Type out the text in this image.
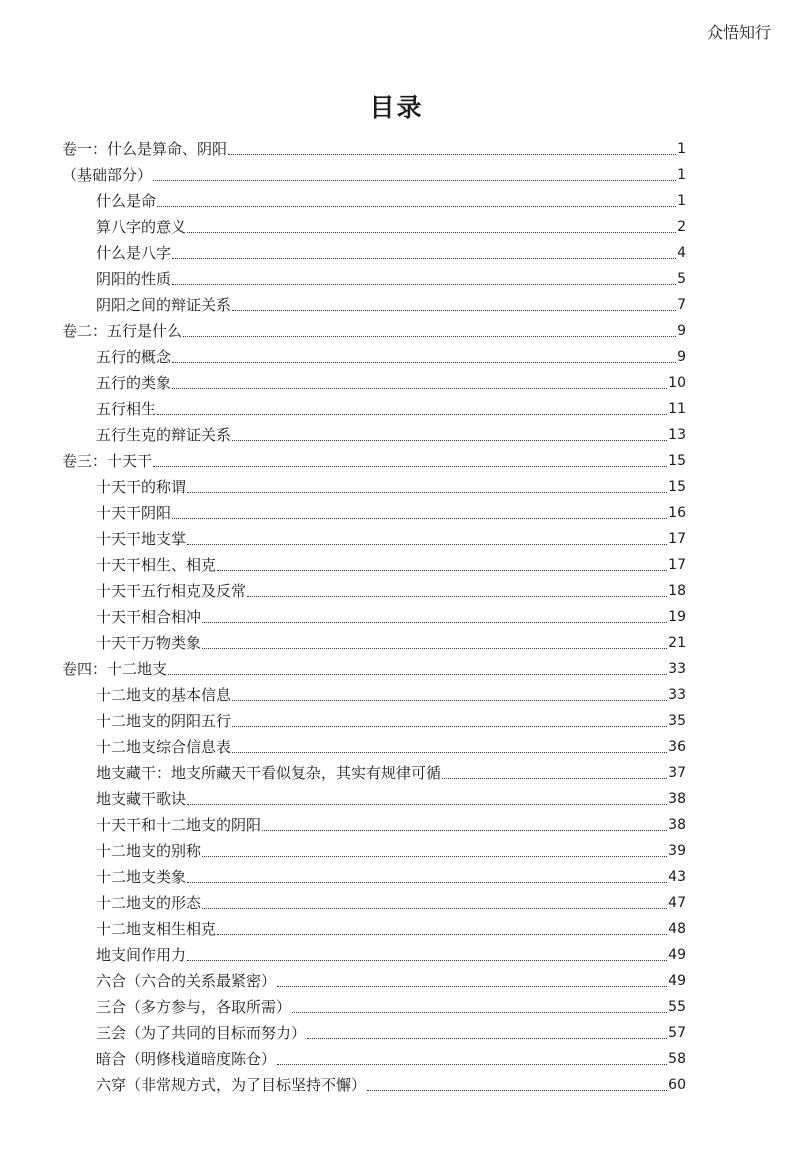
众悟知行
目录
卷一：什么是算命、阴阳	1
（基础部分）	1
什么是命	1
算八字的意义	2
什么是八字	4
阴阳的性质	5
阴阳之间的辩证关系	7
卷二：五行是什么	9
五行的概念	9
五行的类象	10
五行相生	11
五行生克的辩证关系	13
卷三：十天干	15
十天干的称谓	15
十天干阴阳	16
十天干地支掌	17
十天干相生、相克	17
十天干五行相克及反常	18
十天干相合相冲	19
十天干万物类象	21
卷四：十二地支	33
十二地支的基本信息	33
十二地支的阴阳五行	35
十二地支综合信息表	36
地支藏干：地支所藏天干看似复杂，其实有规律可循	37
地支藏干歌诀	38
十天干和十二地支的阴阳	38
十二地支的别称	39
十二地支类象	43
十二地支的形态	47
十二地支相生相克	48
地支间作用力	49
六合（六合的关系最紧密）	49
三合（多方参与，各取所需）	55
三会（为了共同的目标而努力）	57
暗合（明修栈道暗度陈仓）	58
六穿（非常规方式，为了目标坚持不懈）	60
